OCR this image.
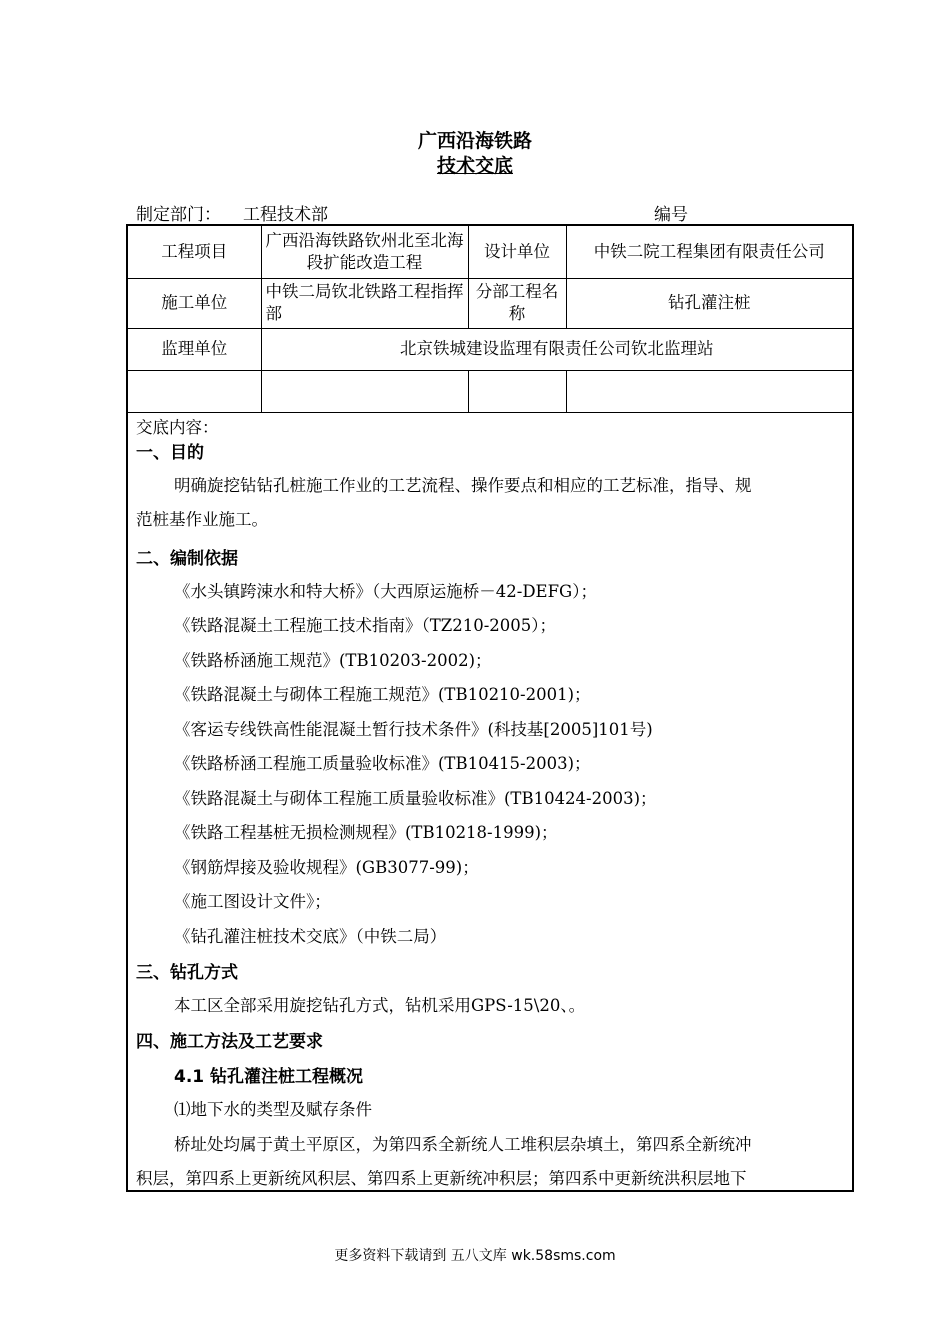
广西沿海铁路
技术交底
制定部门： 工程技术部	编号
工程项目	广西沿海铁路钦州北至北海段扩能改造工程	设计单位	中铁二院工程集团有限责任公司
施工单位	中铁二局钦北铁路工程指挥部	分部工程名称	钻孔灌注桩
监理单位	北京铁城建设监理有限责任公司钦北监理站		

交底内容：
一、目的
明确旋挖钻钻孔桩施工作业的工艺流程、操作要点和相应的工艺标准，指导、规
范桩基作业施工。
二、编制依据
《水头镇跨涑水和特大桥》（大西原运施桥－42-DEFG）；
《铁路混凝土工程施工技术指南》（TZ210-2005）；
《铁路桥涵施工规范》(TB10203-2002)；
《铁路混凝土与砌体工程施工规范》(TB10210-2001)；
《客运专线铁高性能混凝土暂行技术条件》(科技基[2005]101号)
《铁路桥涵工程施工质量验收标准》(TB10415-2003)；
《铁路混凝土与砌体工程施工质量验收标准》(TB10424-2003)；
《铁路工程基桩无损检测规程》(TB10218-1999)；
《钢筋焊接及验收规程》(GB3077-99)；
《施工图设计文件》；
《钻孔灌注桩技术交底》（中铁二局）
三、钻孔方式
本工区全部采用旋挖钻孔方式，钻机采用GPS-15\20、。
四、施工方法及工艺要求
4.1 钻孔灌注桩工程概况
⑴地下水的类型及赋存条件
桥址处均属于黄土平原区，为第四系全新统人工堆积层杂填土，第四系全新统冲
积层，第四系上更新统风积层、第四系上更新统冲积层；第四系中更新统洪积层地下
更多资料下载请到 五八文库 wk.58sms.com
